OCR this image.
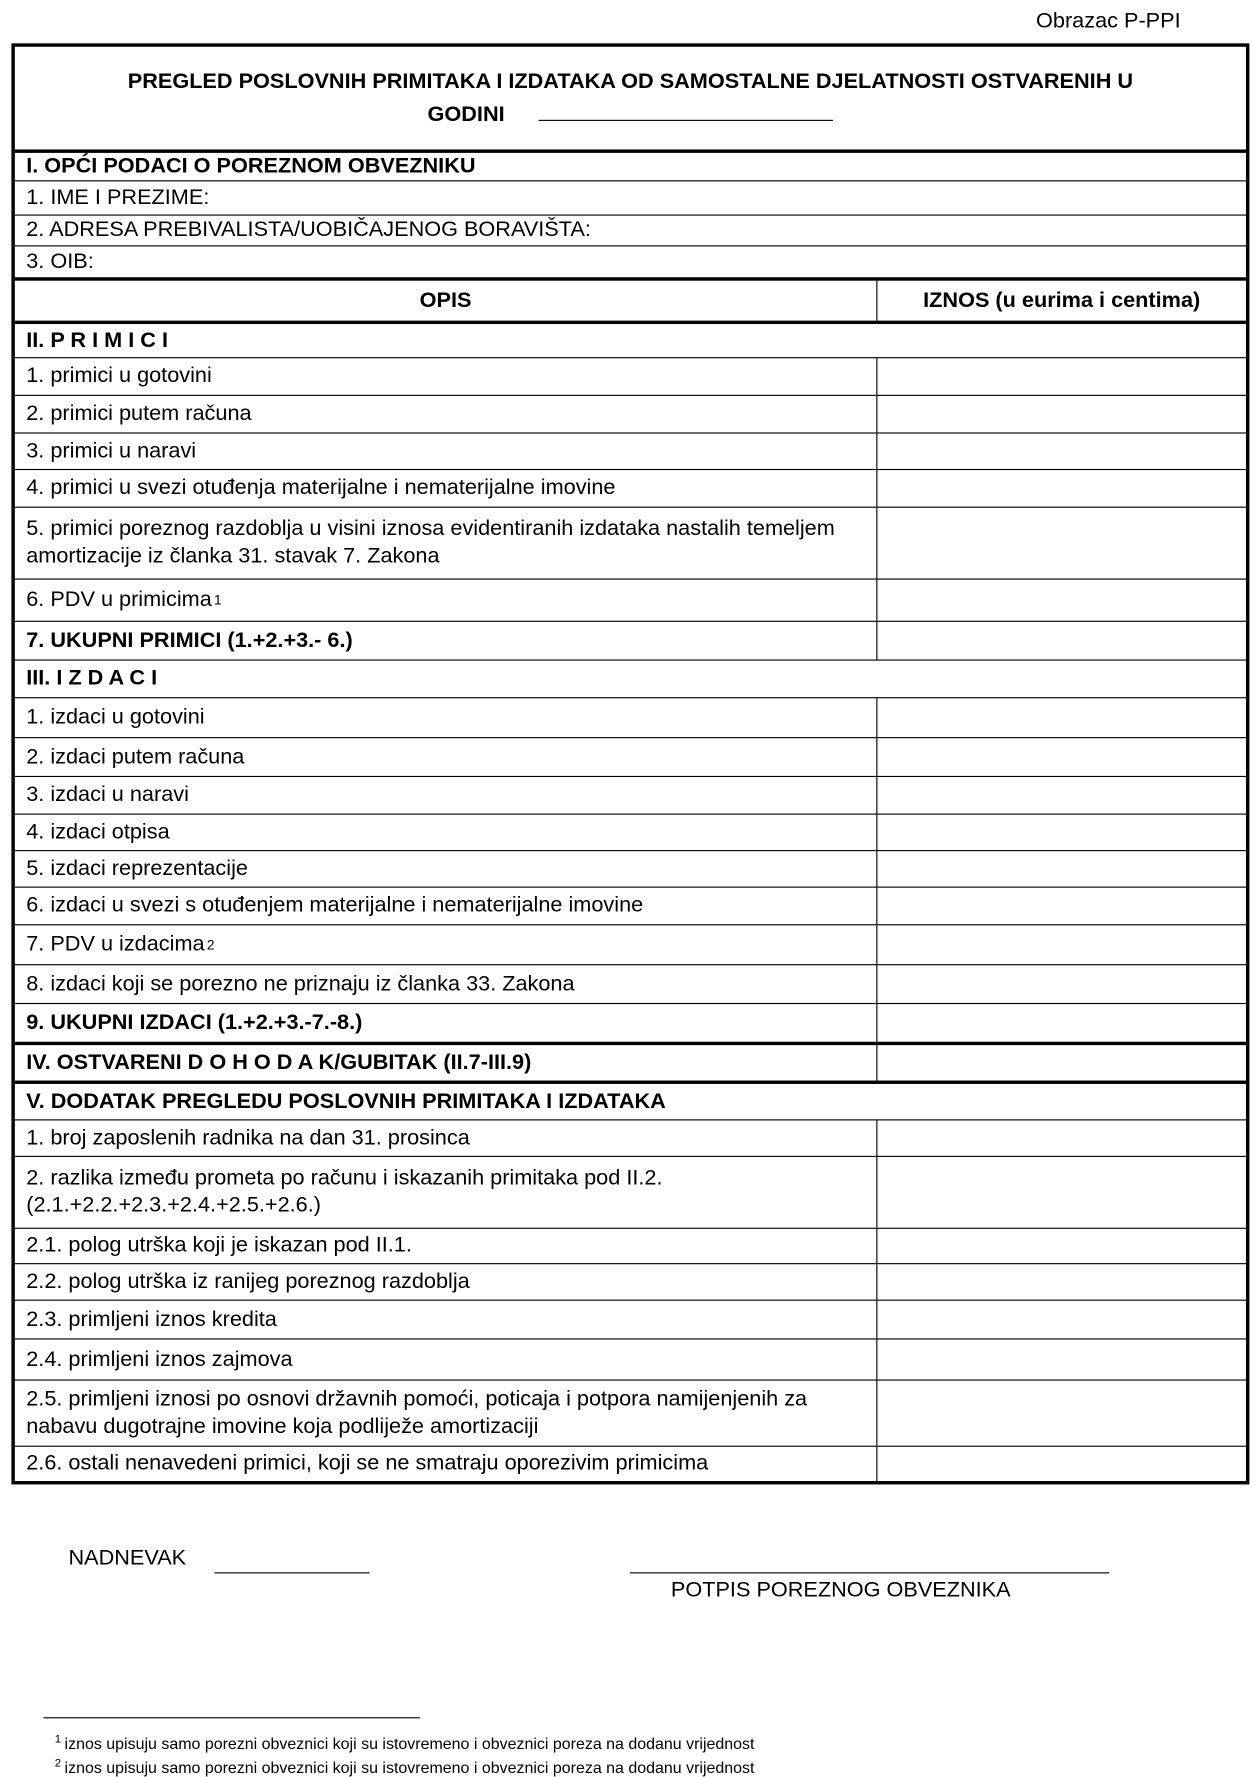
Obrazac P-PPI
PREGLED POSLOVNIH PRIMITAKA I IZDATAKA OD SAMOSTALNE DJELATNOSTI OSTVARENIH U
GODINI
I. OPĆI PODACI O POREZNOM OBVEZNIKU
1. IME I PREZIME:
2. ADRESA PREBIVALISTA/UOBIČAJENOG BORAVIŠTA:
3. OIB:
OPIS	IZNOS (u eurima i centima)
II. P R I M I C I
1. primici u gotovini
2. primici putem računa
3. primici u naravi
4. primici u svezi otuđenja materijalne i nematerijalne imovine
5. primici poreznog razdoblja u visini iznosa evidentiranih izdataka nastalih temeljem amortizacije iz članka 31. stavak 7. Zakona
6. PDV u primicima 1
7. UKUPNI PRIMICI (1.+2.+3.- 6.)
III. I Z D A C I
1. izdaci u gotovini
2. izdaci putem računa
3. izdaci u naravi
4. izdaci otpisa
5. izdaci reprezentacije
6. izdaci u svezi s otuđenjem materijalne i nematerijalne imovine
7. PDV u izdacima 2
8. izdaci koji se porezno ne priznaju iz članka 33. Zakona
9. UKUPNI IZDACI (1.+2.+3.-7.-8.)
IV. OSTVARENI D O H O D A K/GUBITAK (II.7-III.9)
V. DODATAK PREGLEDU POSLOVNIH PRIMITAKA I IZDATAKA
1. broj zaposlenih radnika na dan 31. prosinca
2. razlika između prometa po računu i iskazanih primitaka pod II.2. (2.1.+2.2.+2.3.+2.4.+2.5.+2.6.)
2.1. polog utrška koji je iskazan pod II.1.
2.2. polog utrška iz ranijeg poreznog razdoblja
2.3. primljeni iznos kredita
2.4. primljeni iznos zajmova
2.5. primljeni iznosi po osnovi državnih pomoći, poticaja i potpora namijenjenih za nabavu dugotrajne imovine koja podliježe amortizaciji
2.6. ostali nenavedeni primici, koji se ne smatraju oporezivim primicima
NADNEVAK
POTPIS POREZNOG OBVEZNIKA
$^1$ iznos upisuju samo porezni obveznici koji su istovremeno i obveznici poreza na dodanu vrijednost
$^2$ iznos upisuju samo porezni obveznici koji su istovremeno i obveznici poreza na dodanu vrijednost
